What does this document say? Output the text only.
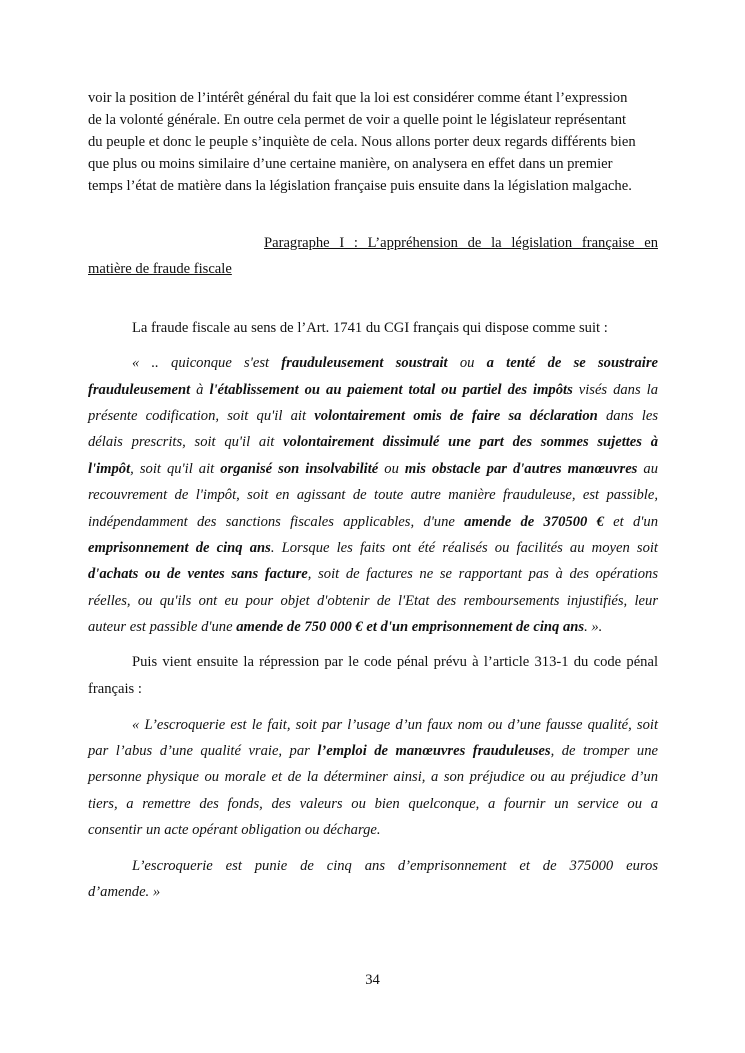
voir la position de l’intérêt général du fait que la loi est considérer comme étant l’expression
de la volonté générale. En outre cela permet de voir a quelle point le législateur représentant
du peuple et donc le peuple s’inquiète de cela. Nous allons porter deux regards différents bien
que plus ou moins similaire d’une certaine manière, on analysera en effet dans un premier
temps l’état de matière dans la législation française puis ensuite dans la législation malgache.
Paragraphe I : L’appréhension de la législation française en
matière de fraude fiscale
La fraude fiscale au sens de l’Art. 1741 du CGI français qui dispose comme suit :
« .. quiconque s'est frauduleusement soustrait ou a tenté de se soustraire
frauduleusement à l'établissement ou au paiement total ou partiel des impôts visés dans la
présente codification, soit qu'il ait volontairement omis de faire sa déclaration dans les
délais prescrits, soit qu'il ait volontairement dissimulé une part des sommes sujettes à
l'impôt, soit qu'il ait organisé son insolvabilité ou mis obstacle par d'autres manœuvres au
recouvrement de l'impôt, soit en agissant de toute autre manière frauduleuse, est passible,
indépendamment des sanctions fiscales applicables, d'une amende de 370500 € et d'un
emprisonnement de cinq ans. Lorsque les faits ont été réalisés ou facilités au moyen soit
d'achats ou de ventes sans facture, soit de factures ne se rapportant pas à des opérations
réelles, ou qu'ils ont eu pour objet d'obtenir de l'Etat des remboursements injustifiés, leur
auteur est passible d'une amende de 750 000 € et d'un emprisonnement de cinq ans. ».
Puis vient ensuite la répression par le code pénal prévu à l’article 313-1 du code pénal
français :
« L’escroquerie est le fait, soit par l’usage d’un faux nom ou d’une fausse qualité, soit
par l’abus d’une qualité vraie, par l’emploi de manœuvres frauduleuses, de tromper une
personne physique ou morale et de la déterminer ainsi, a son préjudice ou au préjudice d’un
tiers, a remettre des fonds, des valeurs ou bien quelconque, a fournir un service ou a
consentir un acte opérant obligation ou décharge.
L’escroquerie est punie de cinq ans d’emprisonnement et de 375000 euros
d’amende. »
34
